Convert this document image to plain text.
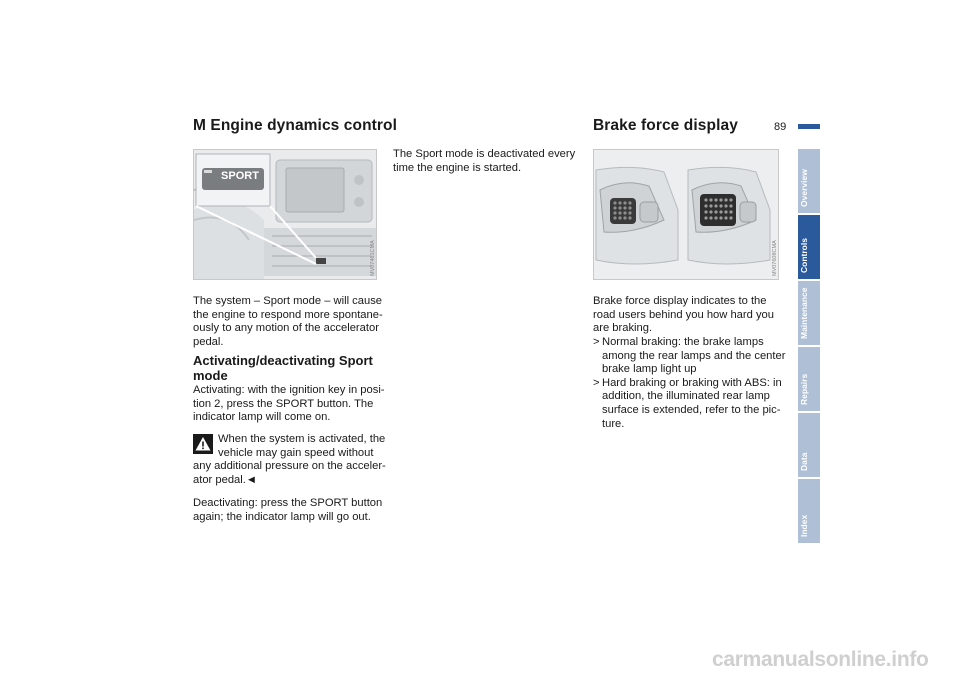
M Engine dynamics control
SPORT
MV07461CMA
The system – Sport mode – will cause
the engine to respond more spontane-
ously to any motion of the accelerator
pedal.
Activating/deactivating Sport
mode
Activating: with the ignition key in posi-
tion 2, press the SPORT button. The
indicator lamp will come on.
When the system is activated, the
vehicle may gain speed without
any additional pressure on the acceler-
ator pedal.◄
Deactivating: press the SPORT button
again; the indicator lamp will go out.
The Sport mode is deactivated every
time the engine is started.
Brake force display	89
MV07608CMA
Brake force display indicates to the
road users behind you how hard you
are braking.
> Normal braking: the brake lamps
among the rear lamps and the center
brake lamp light up
> Hard braking or braking with ABS: in
addition, the illuminated rear lamp
surface is extended, refer to the pic-
ture.
Overview
Controls
Maintenance
Repairs
Data
Index
carmanualsonline.info
